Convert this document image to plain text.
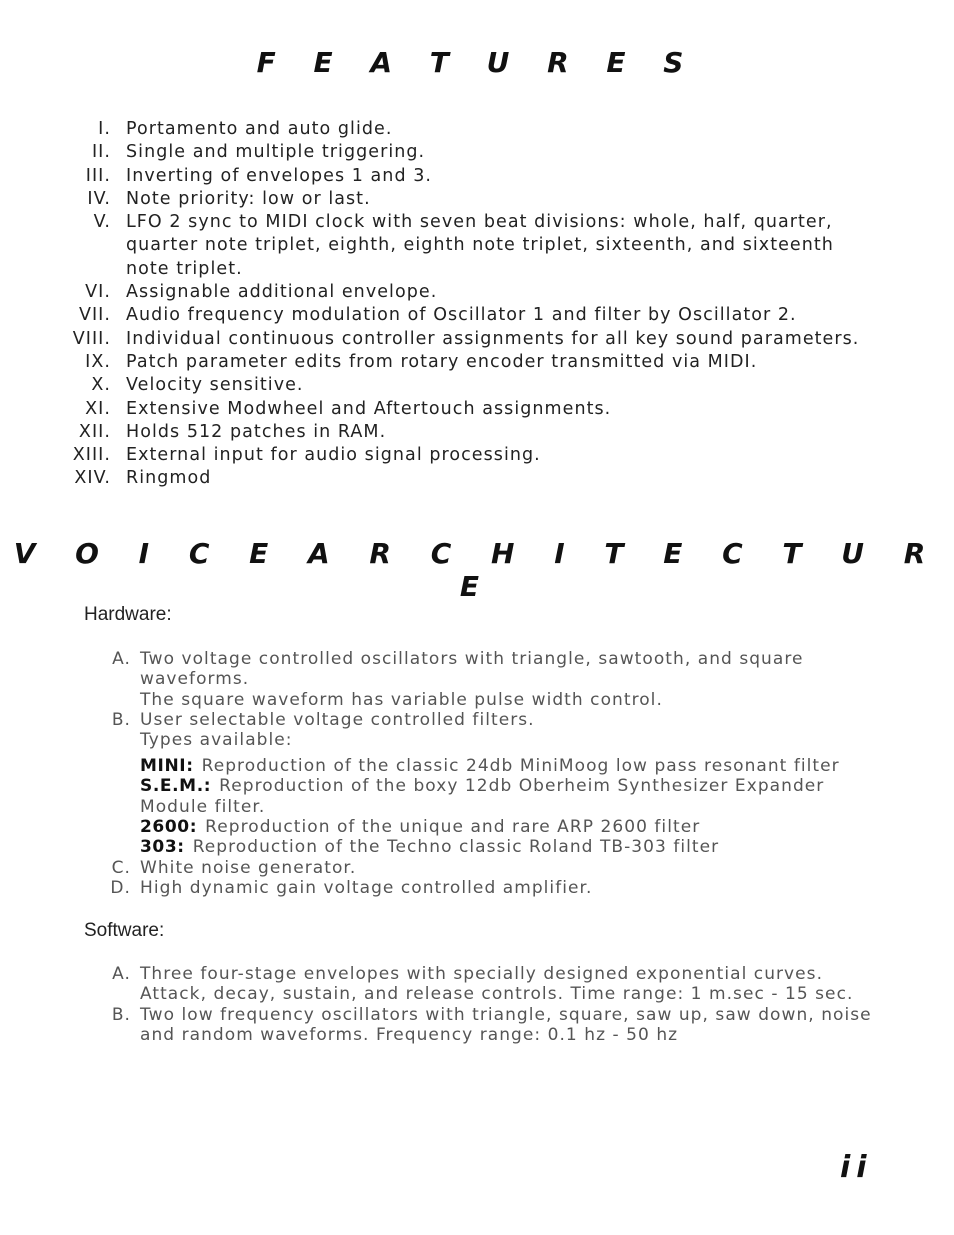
F E A T U R E S
I. Portamento and auto glide.
II. Single and multiple triggering.
III. Inverting of envelopes 1 and 3.
IV. Note priority: low or last.
V. LFO 2 sync to MIDI clock with seven beat divisions: whole, half, quarter, quarter note triplet, eighth, eighth note triplet, sixteenth, and sixteenth note triplet.
VI. Assignable additional envelope.
VII. Audio frequency modulation of Oscillator 1 and filter by Oscillator 2.
VIII. Individual continuous controller assignments for all key sound parameters.
IX. Patch parameter edits from rotary encoder transmitted via MIDI.
X. Velocity sensitive.
XI. Extensive Modwheel and Aftertouch assignments.
XII. Holds 512 patches in RAM.
XIII. External input for audio signal processing.
XIV. Ringmod
V O I C E A R C H I T E C T U R E
Hardware:
A. Two voltage controlled oscillators with triangle, sawtooth, and square waveforms.
The square waveform has variable pulse width control.
B. User selectable voltage controlled filters.
Types available:
MINI: Reproduction of the classic 24db MiniMoog low pass resonant filter
S.E.M.: Reproduction of the boxy 12db Oberheim Synthesizer Expander Module filter.
2600: Reproduction of the unique and rare ARP 2600 filter
303: Reproduction of the Techno classic Roland TB-303 filter
C. White noise generator.
D. High dynamic gain voltage controlled amplifier.
Software:
A. Three four-stage envelopes with specially designed exponential curves.
Attack, decay, sustain, and release controls. Time range: 1 m.sec - 15 sec.
B. Two low frequency oscillators with triangle, square, saw up, saw down, noise and random waveforms. Frequency range: 0.1 hz - 50 hz
ii
